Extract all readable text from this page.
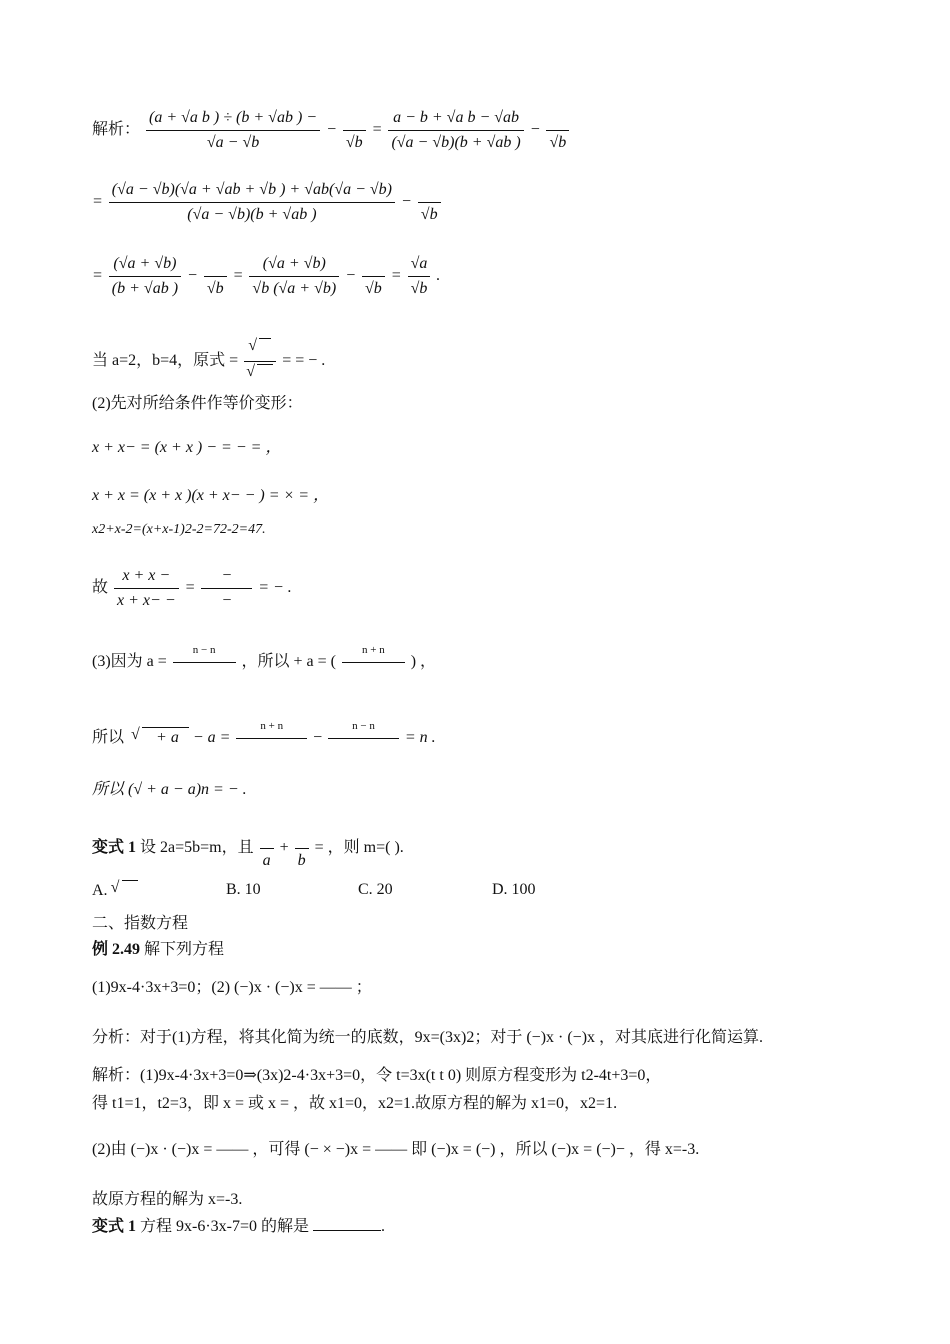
解析： $\frac{\text{(a + √a b ) ÷ (b + √ab ) −}}{√a - √b}$ −

√b
= $\frac{\text{a − b + √a b − √ab}}{(√a - √b)(b + √ab )}$ −

√b
= $\frac{(√a - √b)(√a + √ab + √b ) + √ab(√a - √b)}{(√a - √b)(b + √ab )}$ −

√b
= $\frac{(√a + √b)}{(b + √ab )}$ −

√b
= $\frac{(√a + √b)}{√b (√a + √b)}$ −

√b
= $\frac{√a}{√b}$ .
当 a=2，b=4，原式 =
√
√	= = − .
(2)先对所给条件作等价变形：
x + x− = (x + x ) − = − = ，
x + x = (x + x )(x + x− − ) = × = ，
x2+x-2=(x+x-1)2-2=72-2=47.
故 $\frac{x + x -}{x + x- -} = \frac{-}{-}$ = − .
(3)因为 a =
n − n

，所以 + a = (
n + n

) ，
所以 √ + a − a =
n + n

−
n − n

= n .
所以 (√ + a − a)n = − .
变式 1 设 2a=5b=m，且

a
+

b
= ，则 m=( ).
A. √	B. 10	C. 20	D. 100
二、指数方程
例 2.49 解下列方程
(1)9x-4·3x+3=0；(2) (−)x · (−)x = —— ；
分析：对于(1)方程，将其化简为统一的底数，9x=(3x)2；对于 (−)x · (−)x ，对其底进行化简运算.
解析：(1)9x-4·3x+3=0⇒(3x)2-4·3x+3=0，令 t=3x(t t 0) 则原方程变形为 t2-4t+3=0，
得 t1=1，t2=3，即 x = 或 x = ，故 x1=0，x2=1.故原方程的解为 x1=0，x2=1.
(2)由 (−)x · (−)x = —— ，可得 (− × −)x = —— 即 (−)x = (−) ，所以 (−)x = (−)− ，得 x=-3.
故原方程的解为 x=-3.
变式 1 方程 9x-6·3x-7=0 的解是	.
